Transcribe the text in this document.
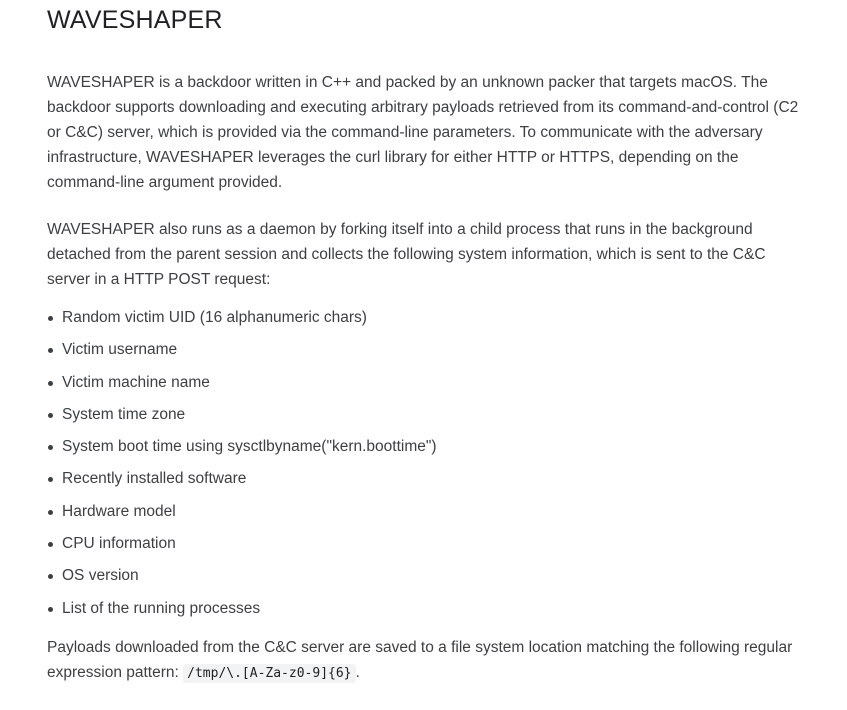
WAVESHAPER

WAVESHAPER is a backdoor written in C++ and packed by an unknown packer that targets macOS. The backdoor supports downloading and executing arbitrary payloads retrieved from its command-and-control (C2 or C&C) server, which is provided via the command-line parameters. To communicate with the adversary infrastructure, WAVESHAPER leverages the curl library for either HTTP or HTTPS, depending on the command-line argument provided.

WAVESHAPER also runs as a daemon by forking itself into a child process that runs in the background detached from the parent session and collects the following system information, which is sent to the C&C server in a HTTP POST request:

Random victim UID (16 alphanumeric chars)
Victim username
Victim machine name
System time zone
System boot time using sysctlbyname("kern.boottime")
Recently installed software
Hardware model
CPU information
OS version
List of the running processes

Payloads downloaded from the C&C server are saved to a file system location matching the following regular expression pattern: /tmp/\.[A-Za-z0-9]{6} .
